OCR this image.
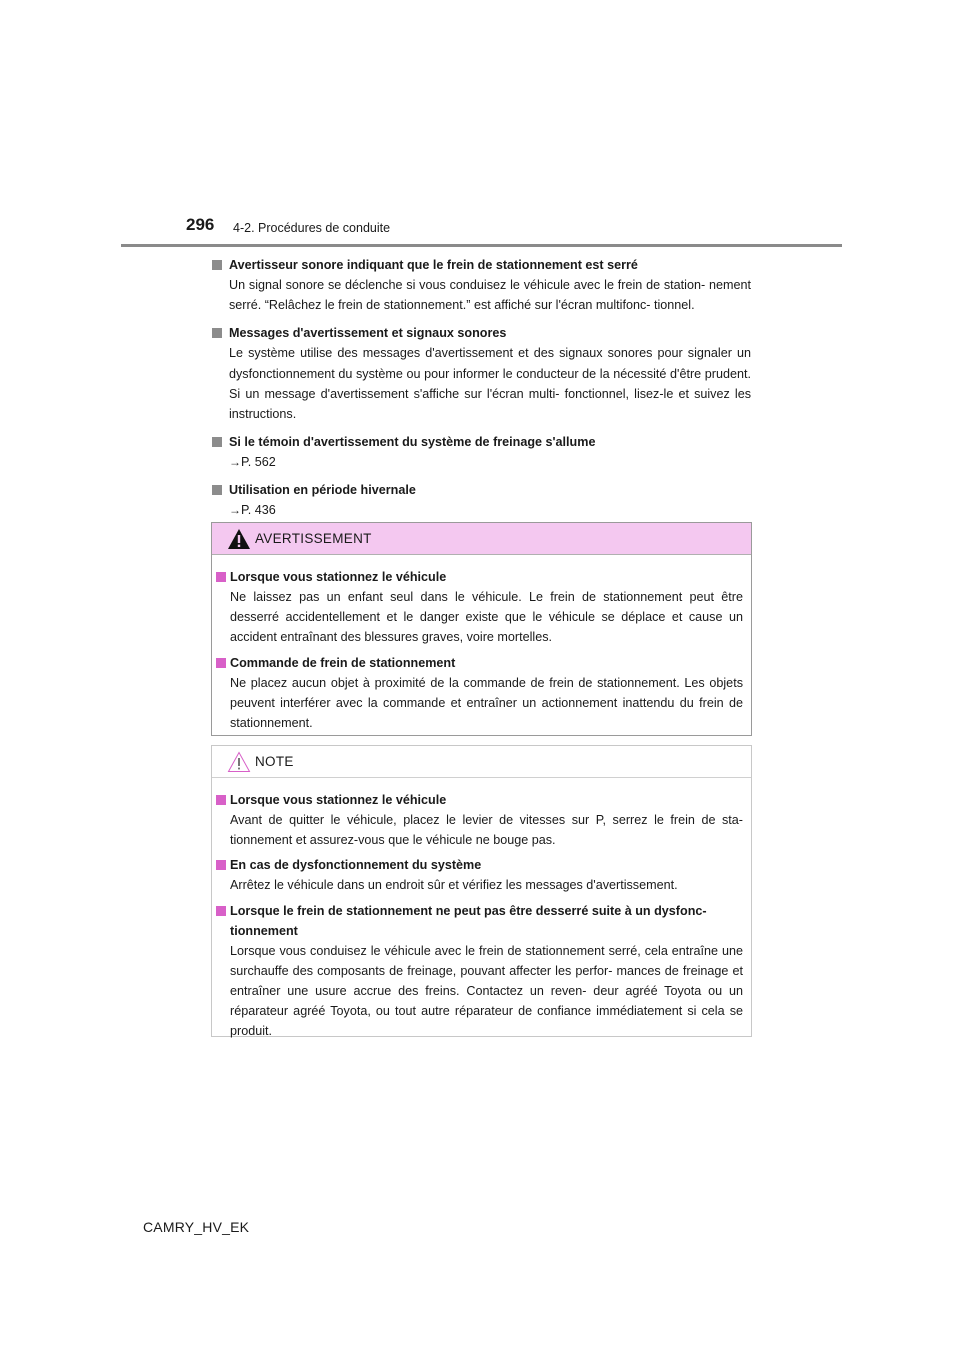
296 4-2. Procédures de conduite
Avertisseur sonore indiquant que le frein de stationnement est serré
Un signal sonore se déclenche si vous conduisez le véhicule avec le frein de station- nement serré. “Relâchez le frein de stationnement.” est affiché sur l'écran multifonc- tionnel.
Messages d'avertissement et signaux sonores
Le système utilise des messages d'avertissement et des signaux sonores pour signaler un dysfonctionnement du système ou pour informer le conducteur de la nécessité d'être prudent. Si un message d'avertissement s'affiche sur l'écran multi- fonctionnel, lisez-le et suivez les instructions.
Si le témoin d'avertissement du système de freinage s'allume
→P. 562
Utilisation en période hivernale
→P. 436
AVERTISSEMENT
Lorsque vous stationnez le véhicule
Ne laissez pas un enfant seul dans le véhicule. Le frein de stationnement peut être desserré accidentellement et le danger existe que le véhicule se déplace et cause un accident entraînant des blessures graves, voire mortelles.
Commande de frein de stationnement
Ne placez aucun objet à proximité de la commande de frein de stationnement. Les objets peuvent interférer avec la commande et entraîner un actionnement inattendu du frein de stationnement.
NOTE
Lorsque vous stationnez le véhicule
Avant de quitter le véhicule, placez le levier de vitesses sur P, serrez le frein de sta- tionnement et assurez-vous que le véhicule ne bouge pas.
En cas de dysfonctionnement du système
Arrêtez le véhicule dans un endroit sûr et vérifiez les messages d'avertissement.
Lorsque le frein de stationnement ne peut pas être desserré suite à un dysfonc- tionnement
Lorsque vous conduisez le véhicule avec le frein de stationnement serré, cela entraîne une surchauffe des composants de freinage, pouvant affecter les perfor- mances de freinage et entraîner une usure accrue des freins. Contactez un reven- deur agréé Toyota ou un réparateur agréé Toyota, ou tout autre réparateur de confiance immédiatement si cela se produit.
CAMRY_HV_EK
